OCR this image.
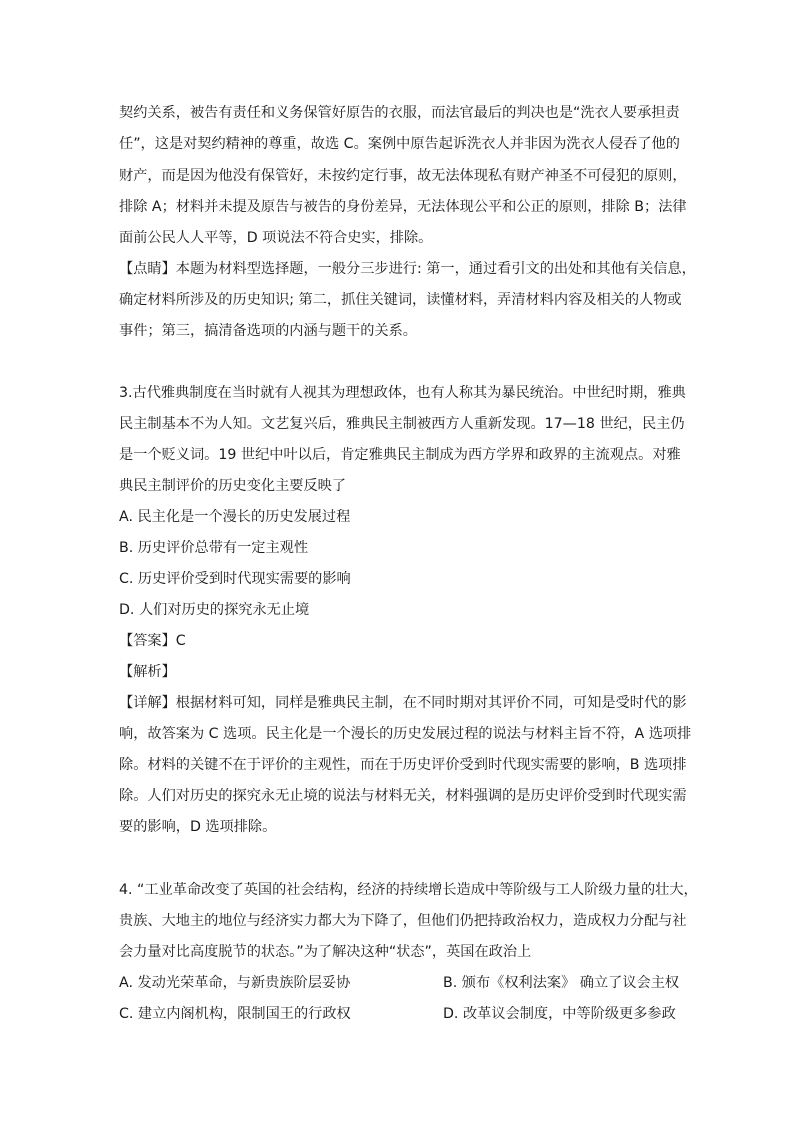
契约关系，被告有责任和义务保管好原告的衣服，而法官最后的判决也是“洗衣人要承担责
任”，这是对契约精神的尊重，故选 C。案例中原告起诉洗衣人并非因为洗衣人侵吞了他的
财产，而是因为他没有保管好，未按约定行事，故无法体现私有财产神圣不可侵犯的原则，
排除 A；材料并未提及原告与被告的身份差异，无法体现公平和公正的原则，排除 B；法律
面前公民人人平等，D 项说法不符合史实，排除。
【点睛】本题为材料型选择题，一般分三步进行: 第一，通过看引文的出处和其他有关信息，
确定材料所涉及的历史知识; 第二，抓住关键词，读懂材料，弄清材料内容及相关的人物或
事件；第三，搞清备选项的内涵与题干的关系。
3.古代雅典制度在当时就有人视其为理想政体，也有人称其为暴民统治。中世纪时期，雅典
民主制基本不为人知。文艺复兴后，雅典民主制被西方人重新发现。17—18 世纪，民主仍
是一个贬义词。19 世纪中叶以后，肯定雅典民主制成为西方学界和政界的主流观点。对雅
典民主制评价的历史变化主要反映了
A. 民主化是一个漫长的历史发展过程
B. 历史评价总带有一定主观性
C. 历史评价受到时代现实需要的影响
D. 人们对历史的探究永无止境
【答案】C
【解析】
【详解】根据材料可知，同样是雅典民主制，在不同时期对其评价不同，可知是受时代的影
响，故答案为 C 选项。民主化是一个漫长的历史发展过程的说法与材料主旨不符，A 选项排
除。材料的关键不在于评价的主观性，而在于历史评价受到时代现实需要的影响，B 选项排
除。人们对历史的探究永无止境的说法与材料无关，材料强调的是历史评价受到时代现实需
要的影响，D 选项排除。
4. “工业革命改变了英国的社会结构，经济的持续增长造成中等阶级与工人阶级力量的壮大，
贵族、大地主的地位与经济实力都大为下降了，但他们仍把持政治权力，造成权力分配与社
会力量对比高度脱节的状态。”为了解决这种“状态”，英国在政治上
A. 发动光荣革命，与新贵族阶层妥协	B. 颁布《权利法案》 确立了议会主权
C. 建立内阁机构，限制国王的行政权	D. 改革议会制度，中等阶级更多参政
